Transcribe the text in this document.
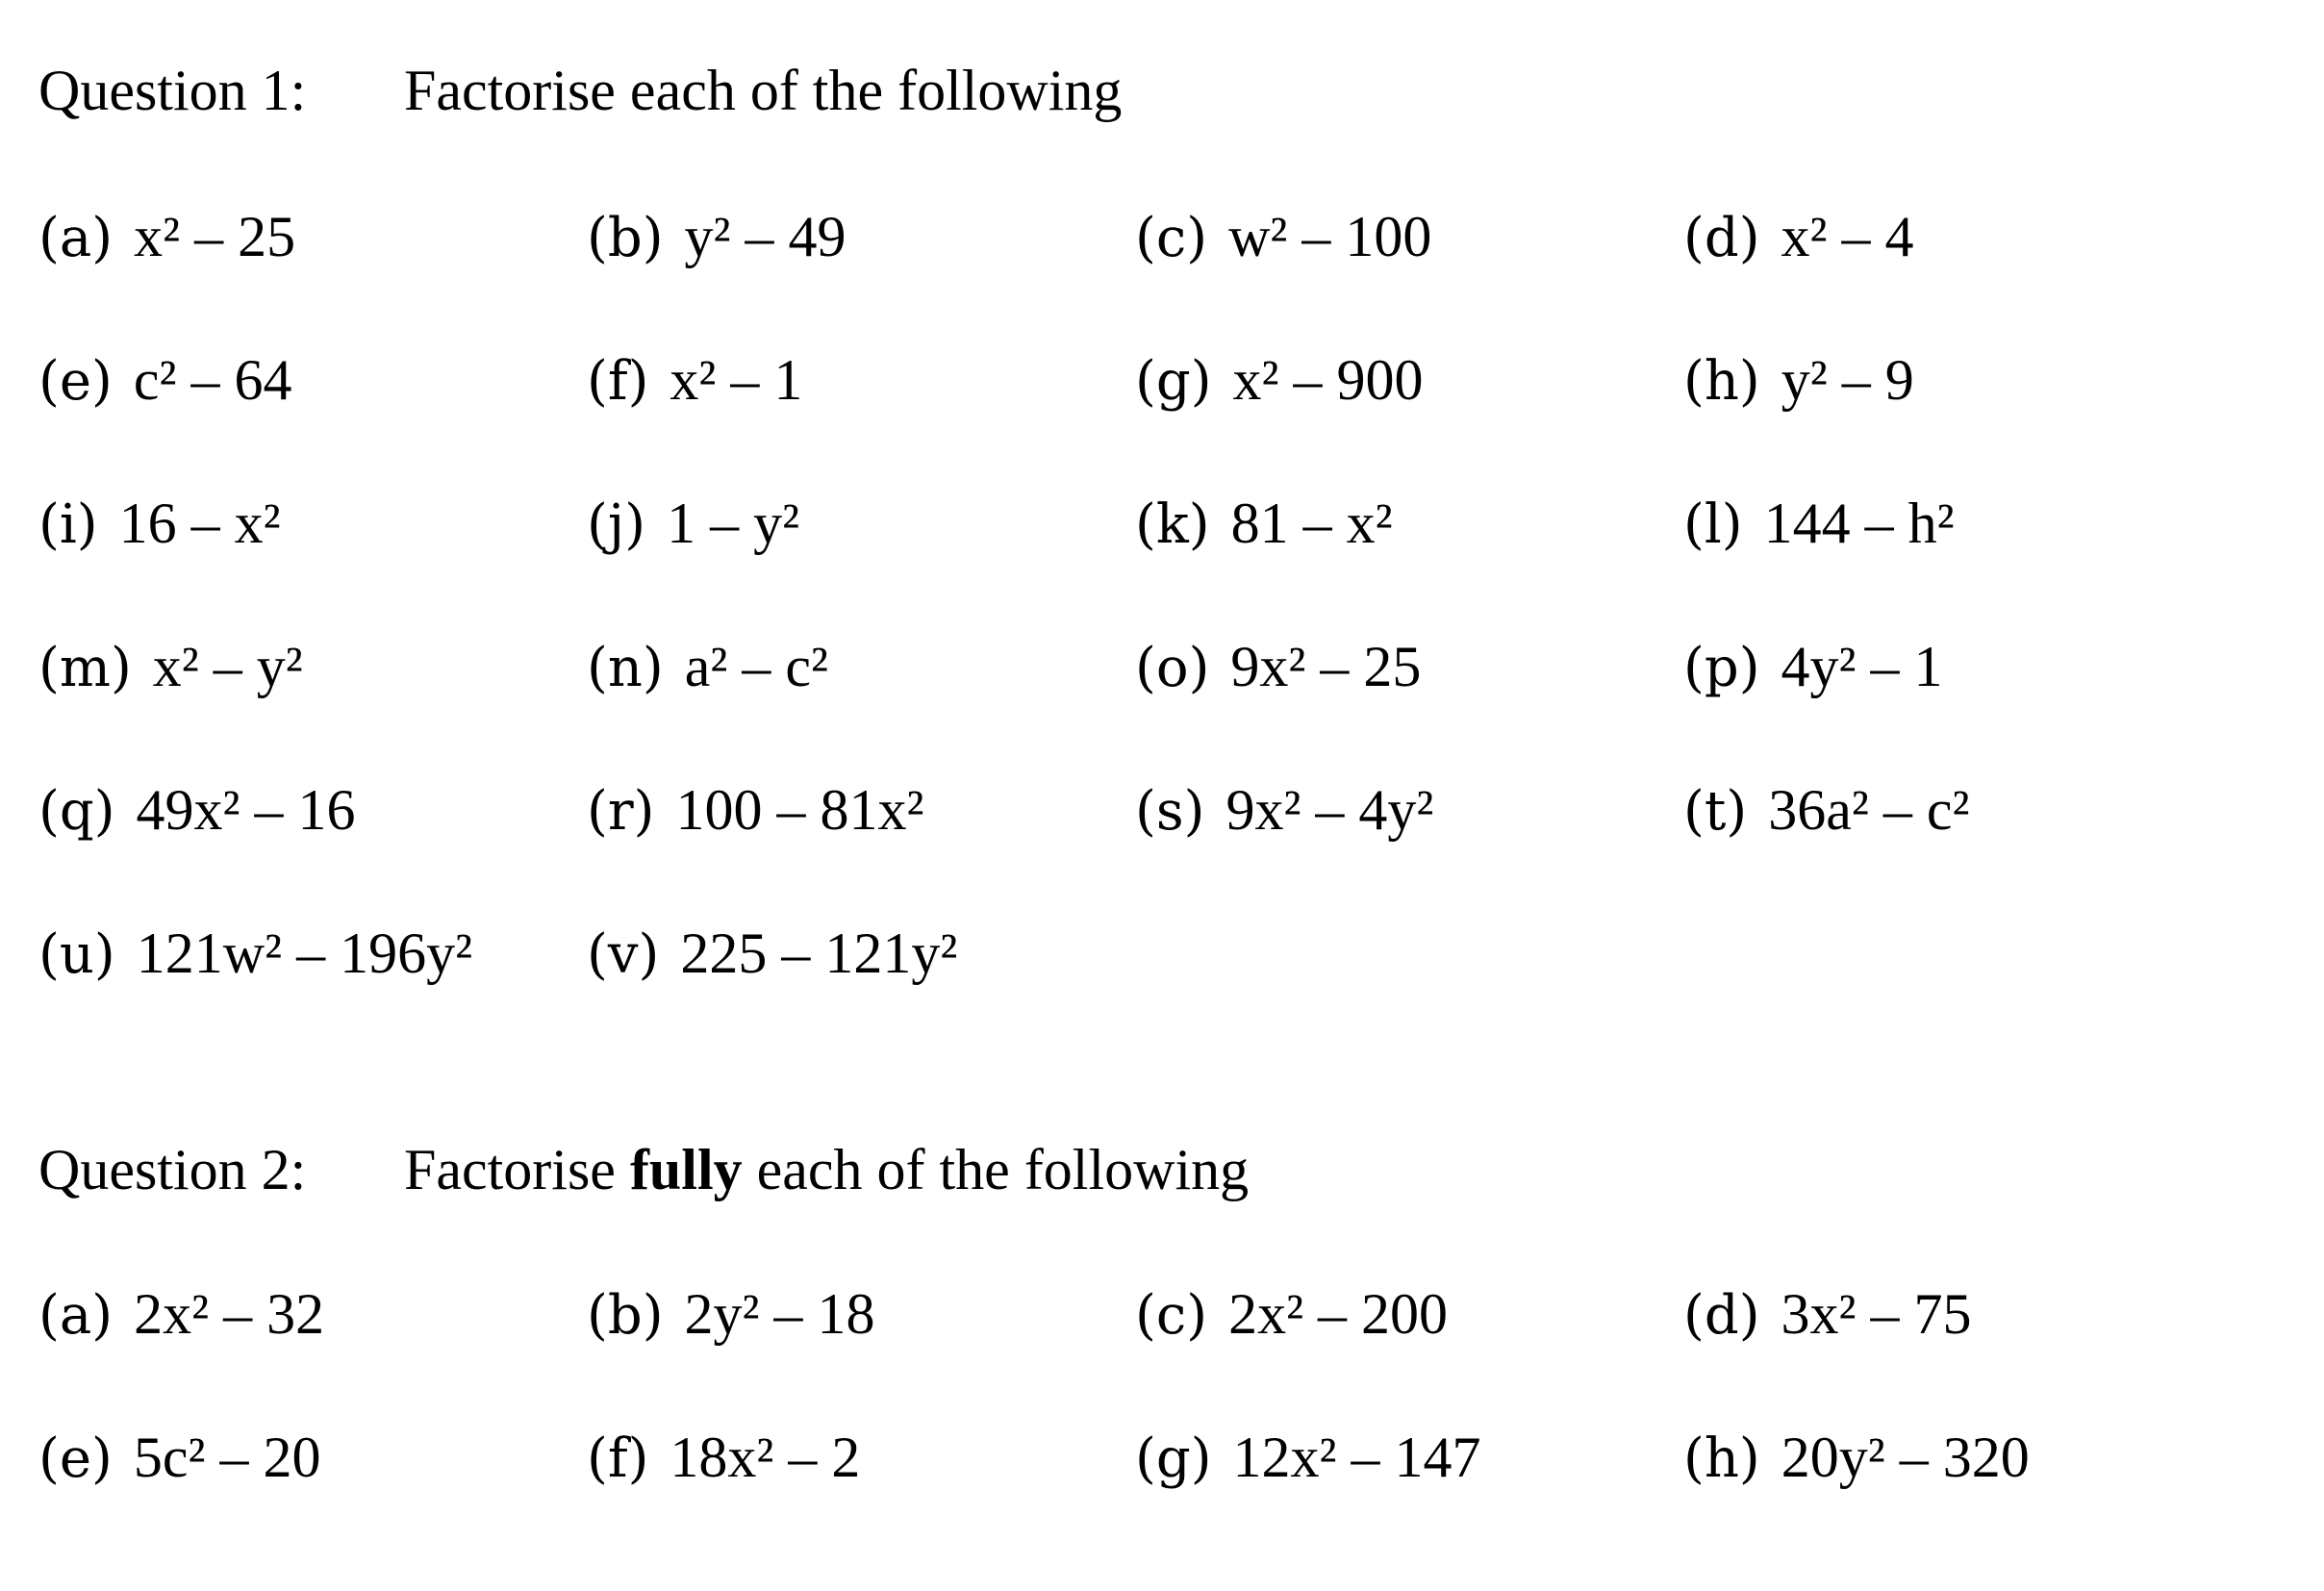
Question 1: Factorise each of the following
(a) x² – 25	(b) y² – 49	(c) w² – 100	(d) x² – 4
(e) c² – 64	(f) x² – 1	(g) x² – 900	(h) y² – 9
(i) 16 – x²	(j) 1 – y²	(k) 81 – x²	(l) 144 – h²
(m) x² – y²	(n) a² – c²	(o) 9x² – 25	(p) 4y² – 1
(q) 49x² – 16	(r) 100 – 81x²	(s) 9x² – 4y²	(t) 36a² – c²
(u) 121w² – 196y² (v) 225 – 121y²
Question 2: Factorise fully each of the following
(a) 2x² – 32	(b) 2y² – 18	(c) 2x² – 200	(d) 3x² – 75
(e) 5c² – 20	(f) 18x² – 2	(g) 12x² – 147	(h) 20y² – 320
